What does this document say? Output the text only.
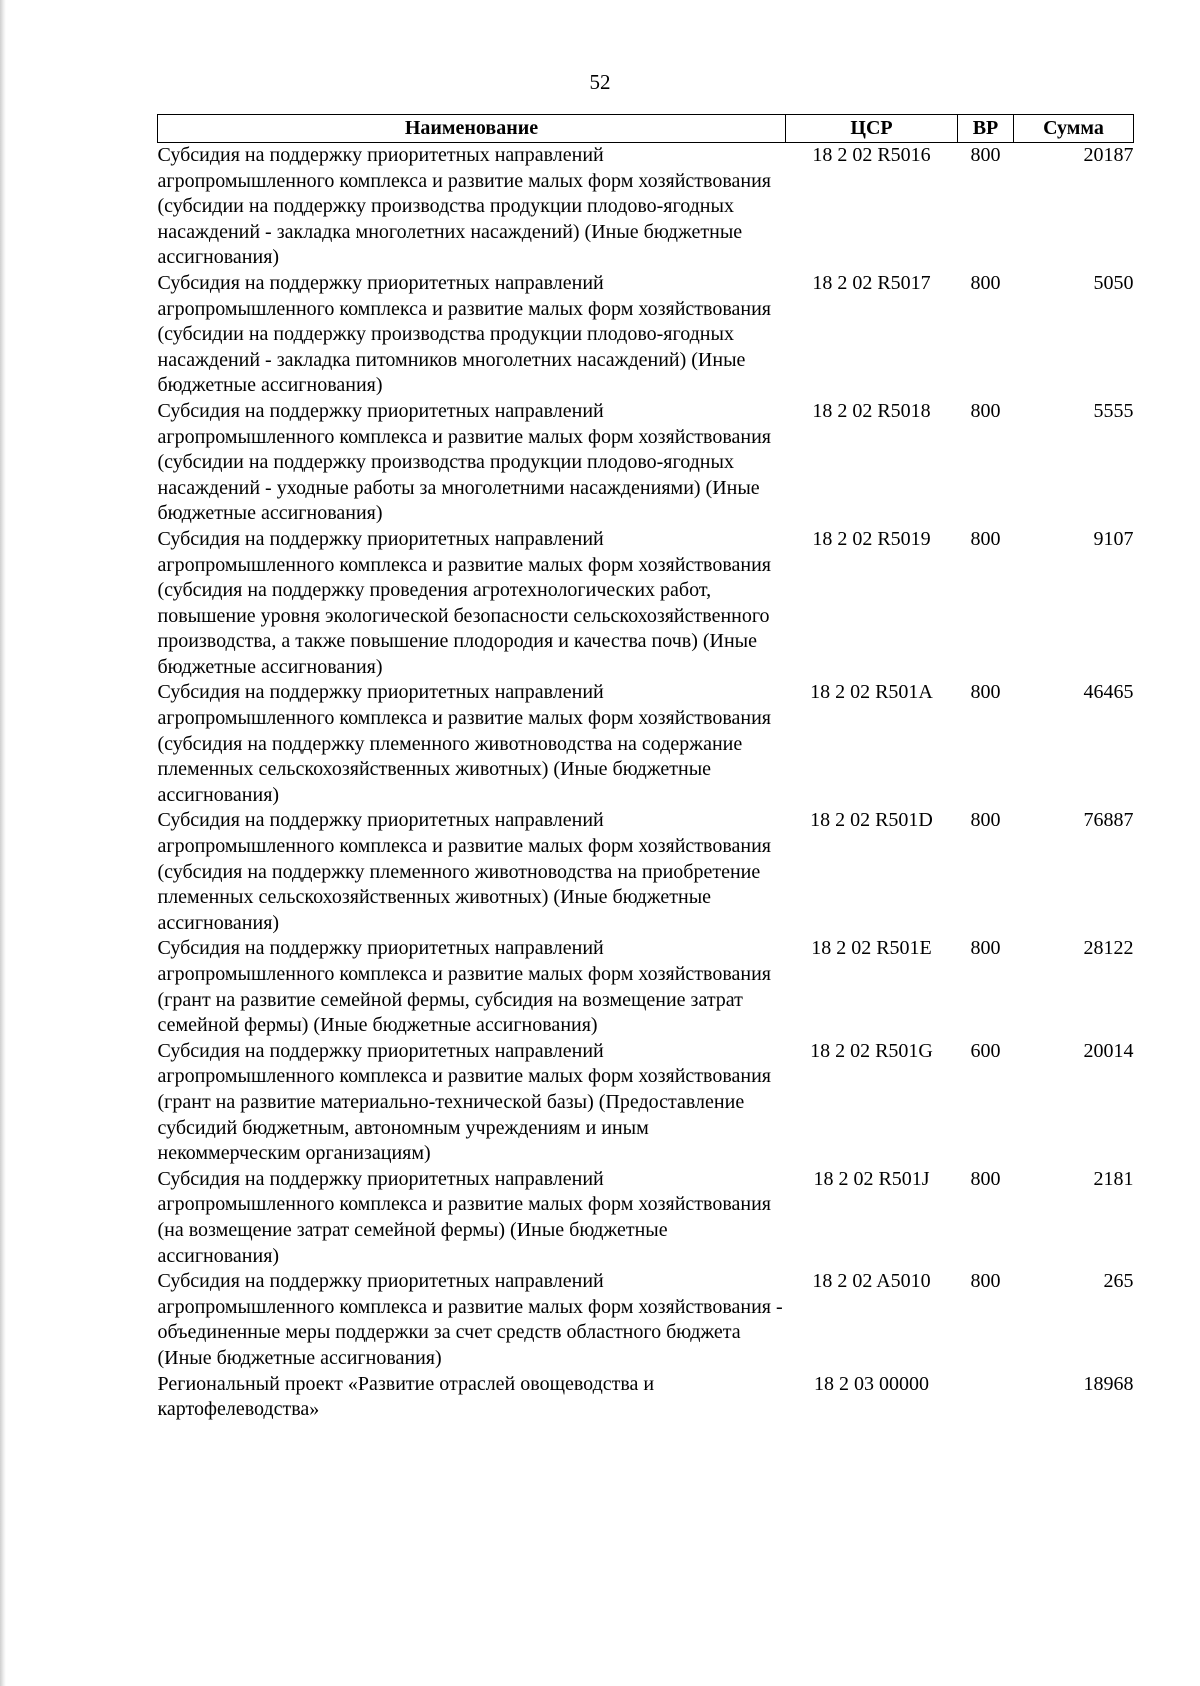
52
Наименование	ЦСР	ВР	Сумма
Субсидия на поддержку приоритетных направлений агропромышленного комплекса и развитие малых форм хозяйствования (субсидии на поддержку производства продукции плодово-ягодных насаждений - закладка многолетних насаждений) (Иные бюджетные ассигнования)	18 2 02 R5016	800	20187
Субсидия на поддержку приоритетных направлений агропромышленного комплекса и развитие малых форм хозяйствования (субсидии на поддержку производства продукции плодово-ягодных насаждений - закладка питомников многолетних насаждений) (Иные бюджетные ассигнования)	18 2 02 R5017	800	5050
Субсидия на поддержку приоритетных направлений агропромышленного комплекса и развитие малых форм хозяйствования (субсидии на поддержку производства продукции плодово-ягодных насаждений - уходные работы за многолетними насаждениями) (Иные бюджетные ассигнования)	18 2 02 R5018	800	5555
Субсидия на поддержку приоритетных направлений агропромышленного комплекса и развитие малых форм хозяйствования (субсидия на поддержку проведения агротехнологических работ, повышение уровня экологической безопасности сельскохозяйственного производства, а также повышение плодородия и качества почв) (Иные бюджетные ассигнования)	18 2 02 R5019	800	9107
Субсидия на поддержку приоритетных направлений агропромышленного комплекса и развитие малых форм хозяйствования (субсидия на поддержку племенного животноводства на содержание племенных сельскохозяйственных животных) (Иные бюджетные ассигнования)	18 2 02 R501A	800	46465
Субсидия на поддержку приоритетных направлений агропромышленного комплекса и развитие малых форм хозяйствования (субсидия на поддержку племенного животноводства на приобретение племенных сельскохозяйственных животных) (Иные бюджетные ассигнования)	18 2 02 R501D	800	76887
Субсидия на поддержку приоритетных направлений агропромышленного комплекса и развитие малых форм хозяйствования (грант на развитие семейной фермы, субсидия на возмещение затрат семейной фермы) (Иные бюджетные ассигнования)	18 2 02 R501E	800	28122
Субсидия на поддержку приоритетных направлений агропромышленного комплекса и развитие малых форм хозяйствования (грант на развитие материально-технической базы) (Предоставление субсидий бюджетным, автономным учреждениям и иным некоммерческим организациям)	18 2 02 R501G	600	20014
Субсидия на поддержку приоритетных направлений агропромышленного комплекса и развитие малых форм хозяйствования (на возмещение затрат семейной фермы) (Иные бюджетные ассигнования)	18 2 02 R501J	800	2181
Субсидия на поддержку приоритетных направлений агропромышленного комплекса и развитие малых форм хозяйствования - объединенные меры поддержки за счет средств областного бюджета (Иные бюджетные ассигнования)	18 2 02 A5010	800	265
Региональный проект «Развитие отраслей овощеводства и картофелеводства»	18 2 03 00000		18968
